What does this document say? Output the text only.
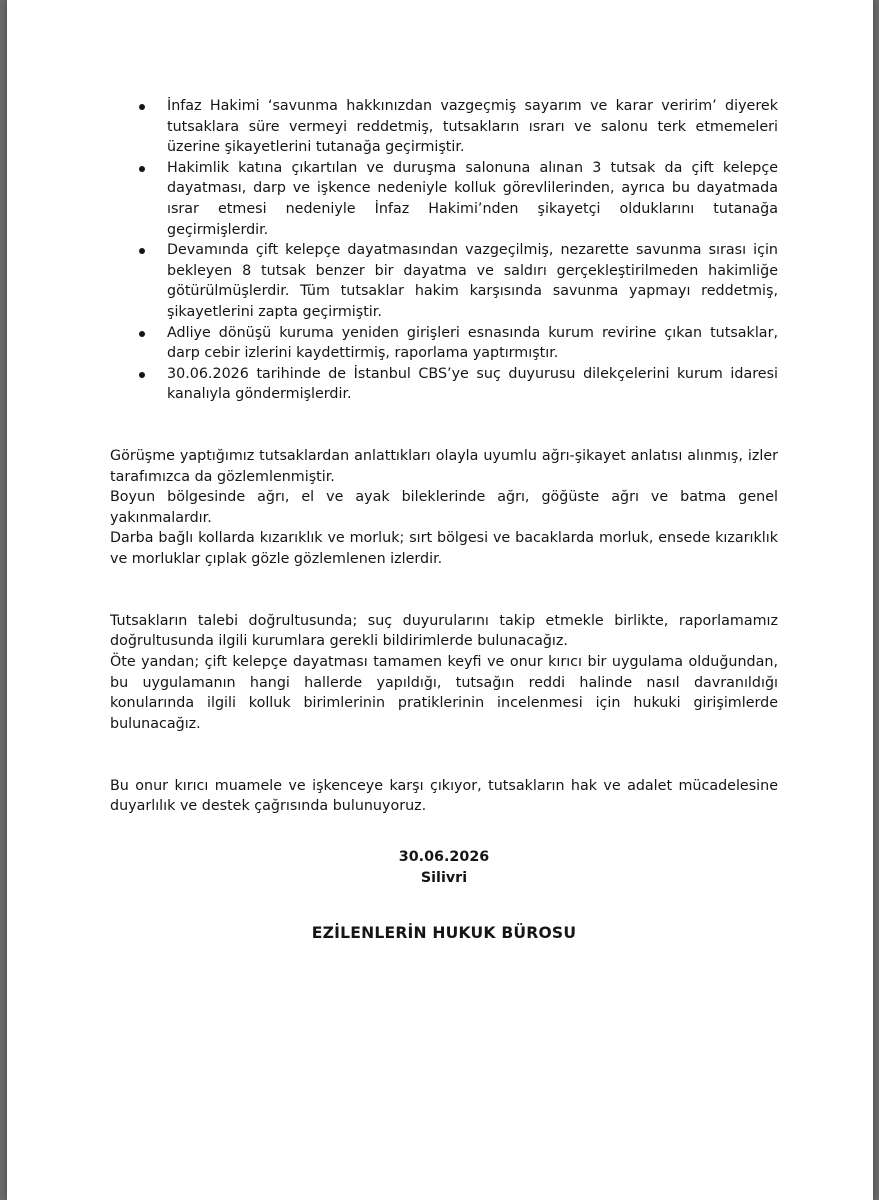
İnfaz Hakimi ‘savunma hakkınızdan vazgeçmiş sayarım ve karar veririm’ diyerek tutsaklara süre vermeyi reddetmiş, tutsakların ısrarı ve salonu terk etmemeleri üzerine şikayetlerini tutanağa geçirmiştir.
Hakimlik katına çıkartılan ve duruşma salonuna alınan 3 tutsak da çift kelepçe dayatması, darp ve işkence nedeniyle kolluk görevlilerinden, ayrıca bu dayatmada ısrar etmesi nedeniyle İnfaz Hakimi’nden şikayetçi olduklarını tutanağa geçirmişlerdir.
Devamında çift kelepçe dayatmasından vazgeçilmiş, nezarette savunma sırası için bekleyen 8 tutsak benzer bir dayatma ve saldırı gerçekleştirilmeden hakimliğe götürülmüşlerdir. Tüm tutsaklar hakim karşısında savunma yapmayı reddetmiş, şikayetlerini zapta geçirmiştir.
Adliye dönüşü kuruma yeniden girişleri esnasında kurum revirine çıkan tutsaklar, darp cebir izlerini kaydettirmiş, raporlama yaptırmıştır.
30.06.2026 tarihinde de İstanbul CBS’ye suç duyurusu dilekçelerini kurum idaresi kanalıyla göndermişlerdir.

Görüşme yaptığımız tutsaklardan anlattıkları olayla uyumlu ağrı-şikayet anlatısı alınmış, izler tarafımızca da gözlemlenmiştir.

Boyun bölgesinde ağrı, el ve ayak bileklerinde ağrı, göğüste ağrı ve batma genel yakınmalardır.

Darba bağlı kollarda kızarıklık ve morluk; sırt bölgesi ve bacaklarda morluk, ensede kızarıklık ve morluklar çıplak gözle gözlemlenen izlerdir.

Tutsakların talebi doğrultusunda; suç duyurularını takip etmekle birlikte, raporlamamız doğrultusunda ilgili kurumlara gerekli bildirimlerde bulunacağız.

Öte yandan; çift kelepçe dayatması tamamen keyfi ve onur kırıcı bir uygulama olduğundan, bu uygulamanın hangi hallerde yapıldığı, tutsağın reddi halinde nasıl davranıldığı konularında ilgili kolluk birimlerinin pratiklerinin incelenmesi için hukuki girişimlerde bulunacağız.

Bu onur kırıcı muamele ve işkenceye karşı çıkıyor, tutsakların hak ve adalet mücadelesine duyarlılık ve destek çağrısında bulunuyoruz.

30.06.2026

Silivri

EZİLENLERİN HUKUK BÜROSU
